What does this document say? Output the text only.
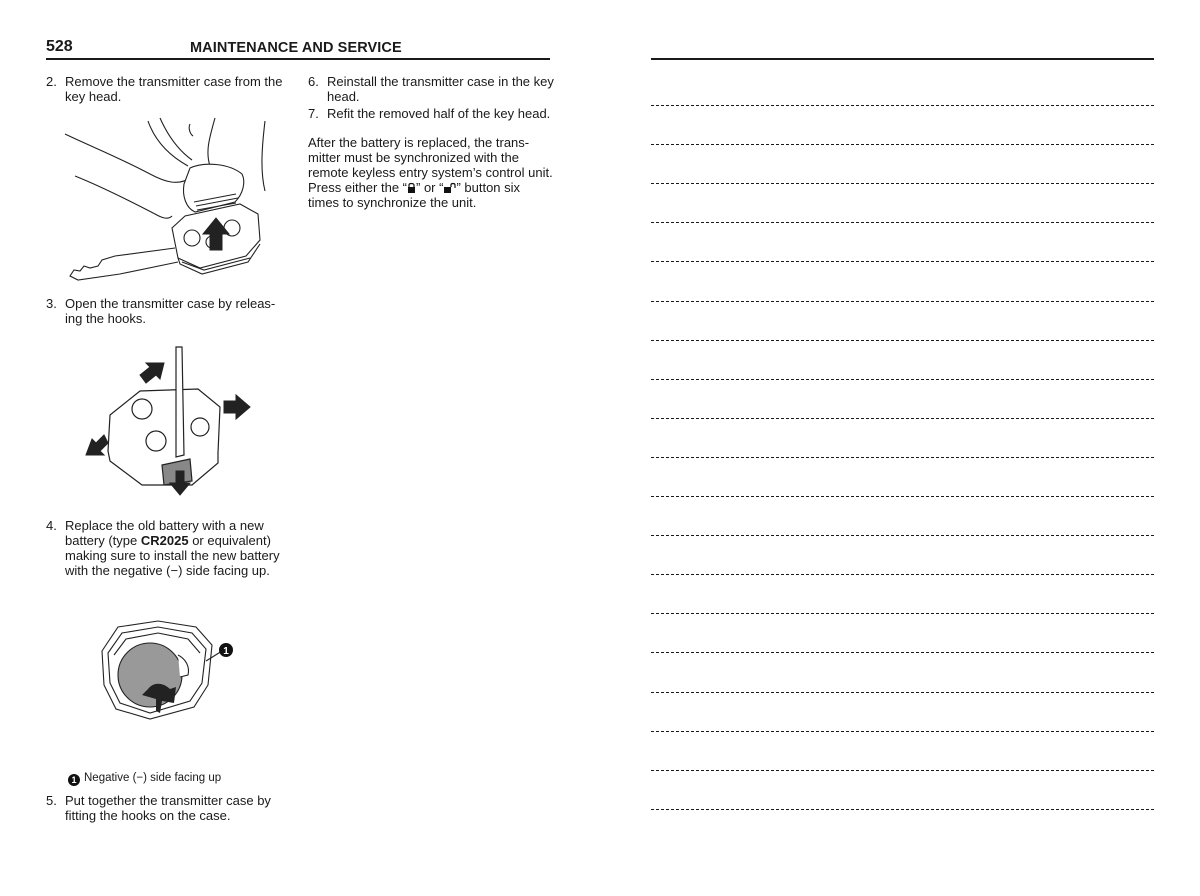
528	MAINTENANCE AND SERVICE
2. Remove the transmitter case from the key head.
3. Open the transmitter case by releas-ing the hooks.
4. Replace the old battery with a new battery (type CR2025 or equivalent) making sure to install the new battery with the negative (−) side facing up.
1
1 Negative (−) side facing up
5. Put together the transmitter case by fitting the hooks on the case.
6. Reinstall the transmitter case in the key head.
7. Refit the removed half of the key head.
After the battery is replaced, the trans-mitter must be synchronized with the remote keyless entry system’s control unit. Press either the “ ” or “ ” button six times to synchronize the unit.
